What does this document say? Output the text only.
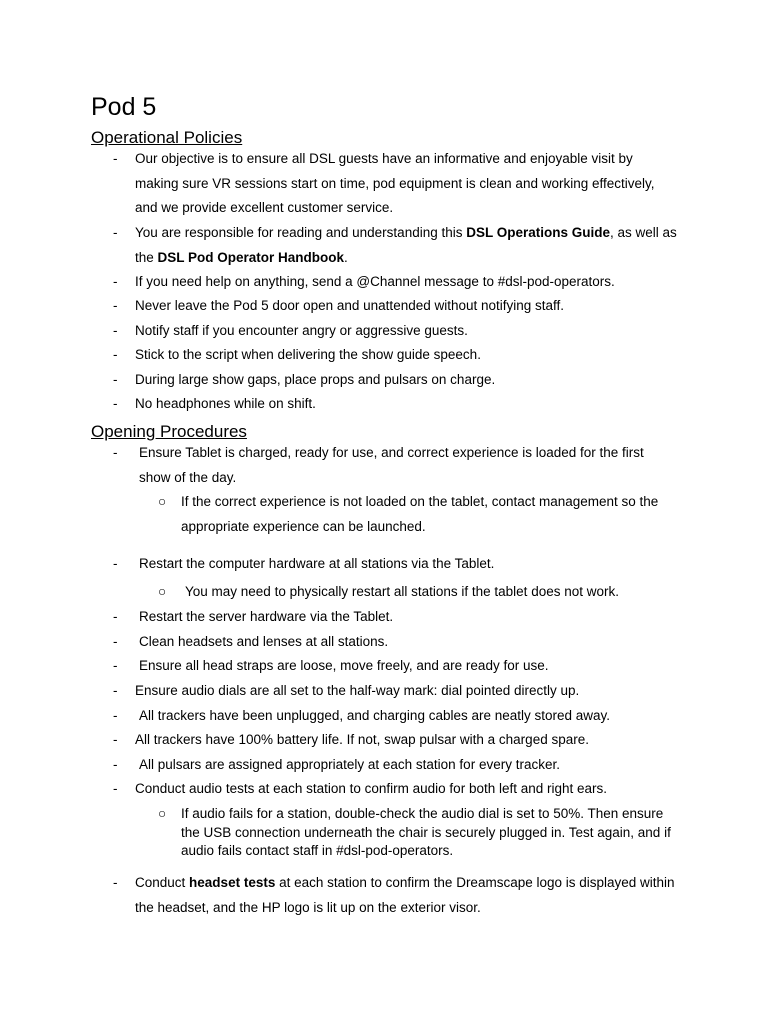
Pod 5
Operational Policies
- Our objective is to ensure all DSL guests have an informative and enjoyable visit by making sure VR sessions start on time, pod equipment is clean and working effectively, and we provide excellent customer service.
- You are responsible for reading and understanding this DSL Operations Guide, as well as the DSL Pod Operator Handbook.
- If you need help on anything, send a @Channel message to #dsl-pod-operators.
- Never leave the Pod 5 door open and unattended without notifying staff.
- Notify staff if you encounter angry or aggressive guests.
- Stick to the script when delivering the show guide speech.
- During large show gaps, place props and pulsars on charge.
- No headphones while on shift.
Opening Procedures
- Ensure Tablet is charged, ready for use, and correct experience is loaded for the first show of the day.
○ If the correct experience is not loaded on the tablet, contact management so the appropriate experience can be launched.
- Restart the computer hardware at all stations via the Tablet.
○ You may need to physically restart all stations if the tablet does not work.
- Restart the server hardware via the Tablet.
- Clean headsets and lenses at all stations.
- Ensure all head straps are loose, move freely, and are ready for use.
- Ensure audio dials are all set to the half-way mark: dial pointed directly up.
- All trackers have been unplugged, and charging cables are neatly stored away.
- All trackers have 100% battery life. If not, swap pulsar with a charged spare.
- All pulsars are assigned appropriately at each station for every tracker.
- Conduct audio tests at each station to confirm audio for both left and right ears.
○ If audio fails for a station, double-check the audio dial is set to 50%. Then ensure the USB connection underneath the chair is securely plugged in. Test again, and if audio fails contact staff in #dsl-pod-operators.
- Conduct headset tests at each station to confirm the Dreamscape logo is displayed within the headset, and the HP logo is lit up on the exterior visor.
